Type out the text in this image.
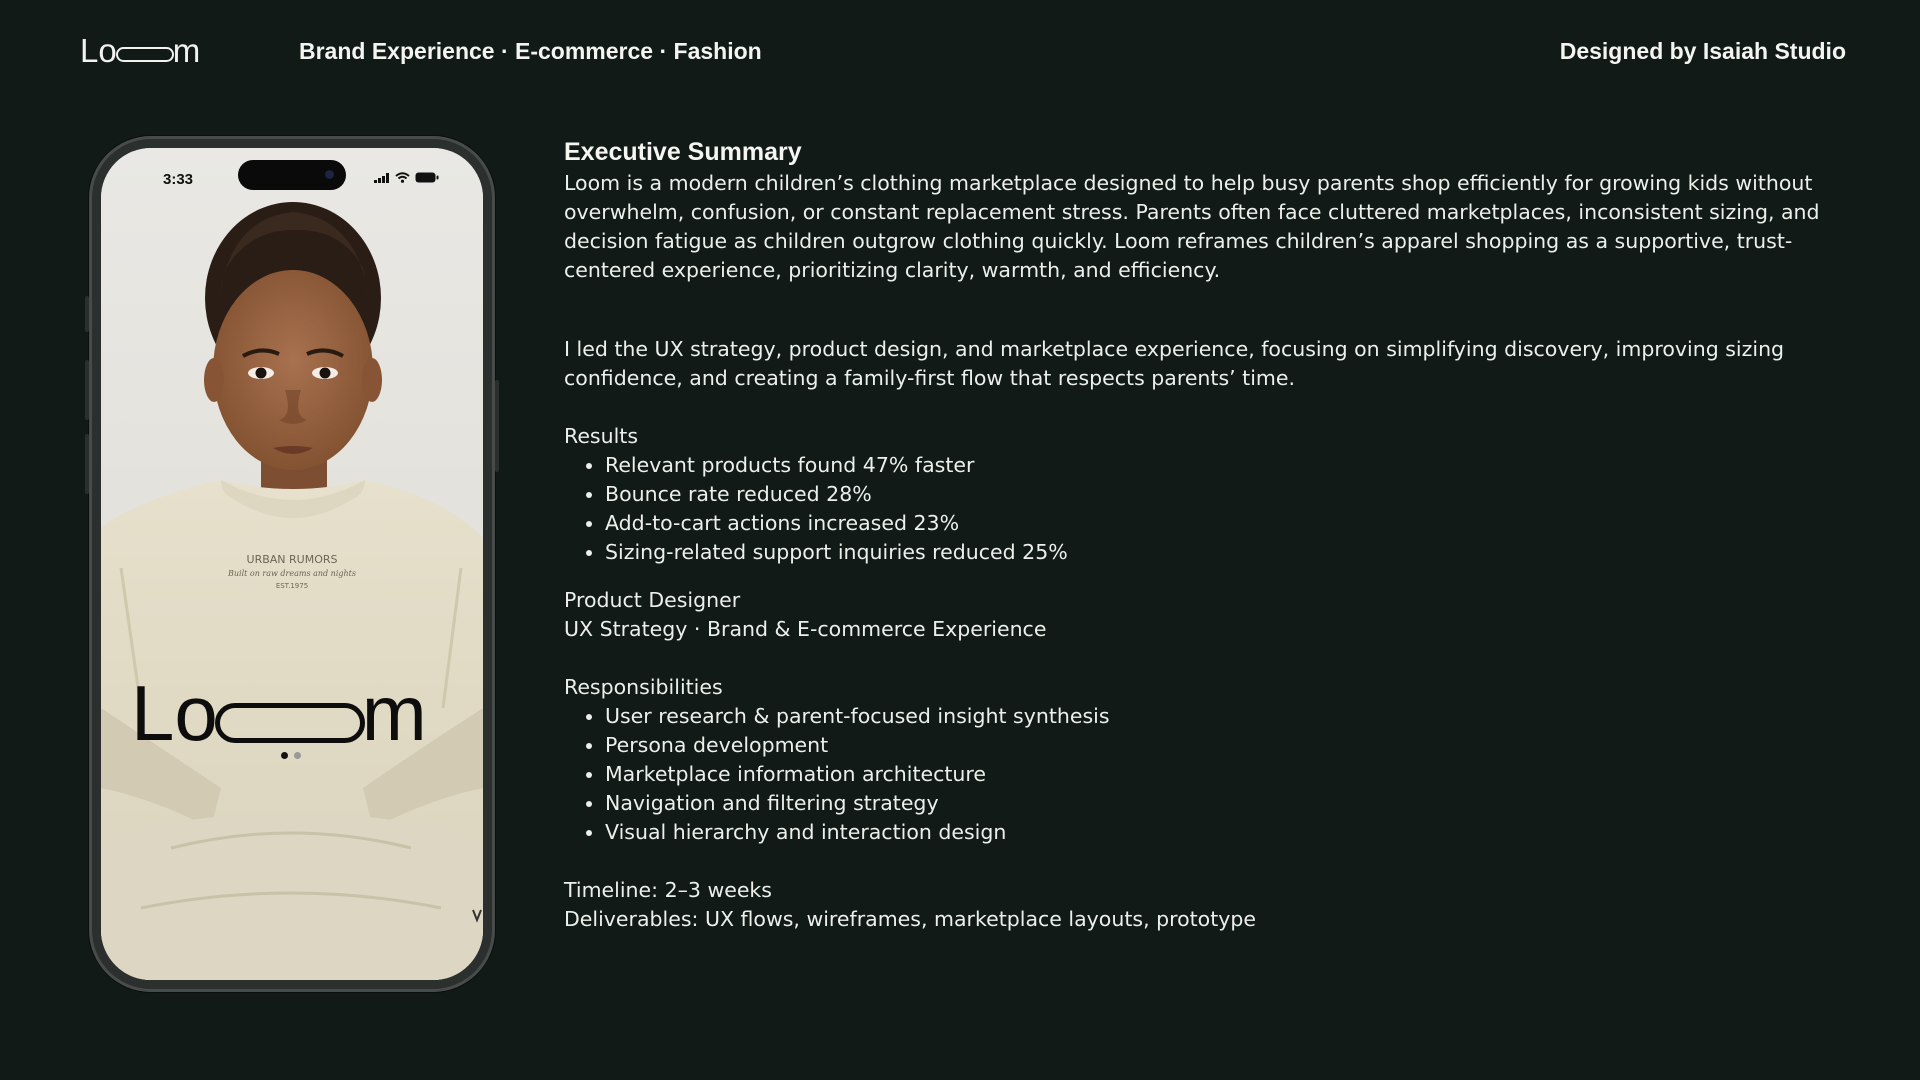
Lo m	Brand Experience · E-commerce · Fashion	Designed by Isaiah Studio
URBAN RUMORS
Built on raw dreams and nights
EST.1975
3:33
Lo m
Executive Summary

Loom is a modern children’s clothing marketplace designed to help busy parents shop efficiently for growing kids without overwhelm, confusion, or constant replacement stress. Parents often face cluttered marketplaces, inconsistent sizing, and decision fatigue as children outgrow clothing quickly. Loom reframes children’s apparel shopping as a supportive, trust-centered experience, prioritizing clarity, warmth, and efficiency.

I led the UX strategy, product design, and marketplace experience, focusing on simplifying discovery, improving sizing confidence, and creating a family-first flow that respects parents’ time.

Results

• Relevant products found 47% faster
• Bounce rate reduced 28%
• Add-to-cart actions increased 23%
• Sizing-related support inquiries reduced 25%

Product Designer

UX Strategy · Brand & E-commerce Experience

Responsibilities

• User research & parent-focused insight synthesis
• Persona development
• Marketplace information architecture
• Navigation and filtering strategy
• Visual hierarchy and interaction design

Timeline: 2–3 weeks

Deliverables: UX flows, wireframes, marketplace layouts, prototype
